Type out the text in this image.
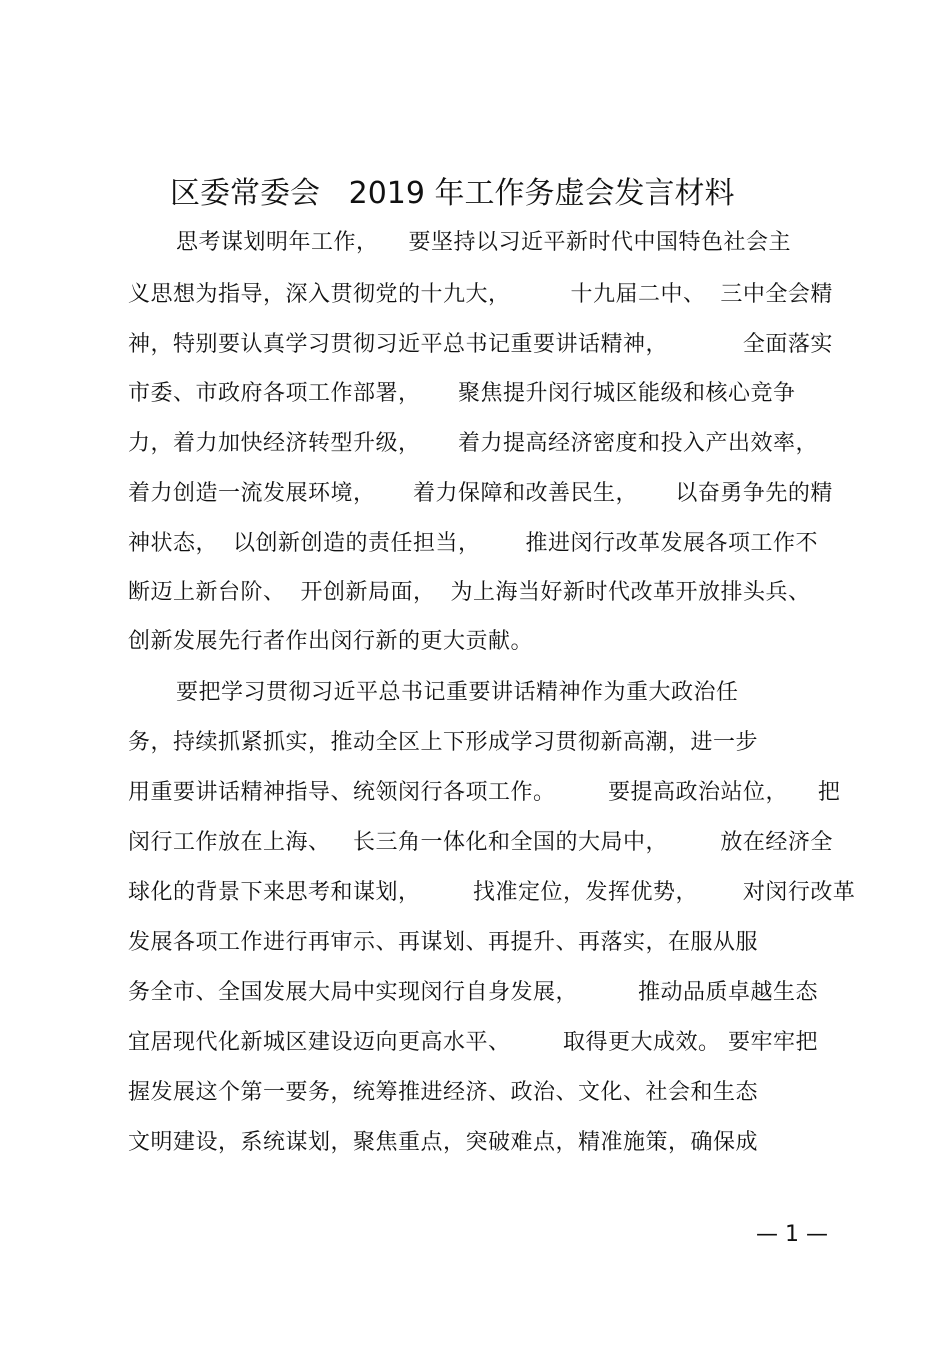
区委常委会   2019 年工作务虚会发言材料
思考谋划明年工作，    要坚持以习近平新时代中国特色社会主
义思想为指导，深入贯彻党的十九大，        十九届二中、  三中全会精
神，特别要认真学习贯彻习近平总书记重要讲话精神，          全面落实
市委、市政府各项工作部署，     聚焦提升闵行城区能级和核心竞争
力，着力加快经济转型升级，     着力提高经济密度和投入产出效率，
着力创造一流发展环境，     着力保障和改善民生，     以奋勇争先的精
神状态，  以创新创造的责任担当，      推进闵行改革发展各项工作不
断迈上新台阶、  开创新局面，  为上海当好新时代改革开放排头兵、
创新发展先行者作出闵行新的更大贡献。
要把学习贯彻习近平总书记重要讲话精神作为重大政治任
务，持续抓紧抓实，推动全区上下形成学习贯彻新高潮，进一步
用重要讲话精神指导、统领闵行各项工作。       要提高政治站位，    把
闵行工作放在上海、   长三角一体化和全国的大局中，       放在经济全
球化的背景下来思考和谋划，       找准定位，发挥优势，      对闵行改革
发展各项工作进行再审示、再谋划、再提升、再落实，在服从服
务全市、全国发展大局中实现闵行自身发展，        推动品质卓越生态
宜居现代化新城区建设迈向更高水平、       取得更大成效。 要牢牢把
握发展这个第一要务，统筹推进经济、政治、文化、社会和生态
文明建设，系统谋划，聚焦重点，突破难点，精准施策，确保成
— 1 —
